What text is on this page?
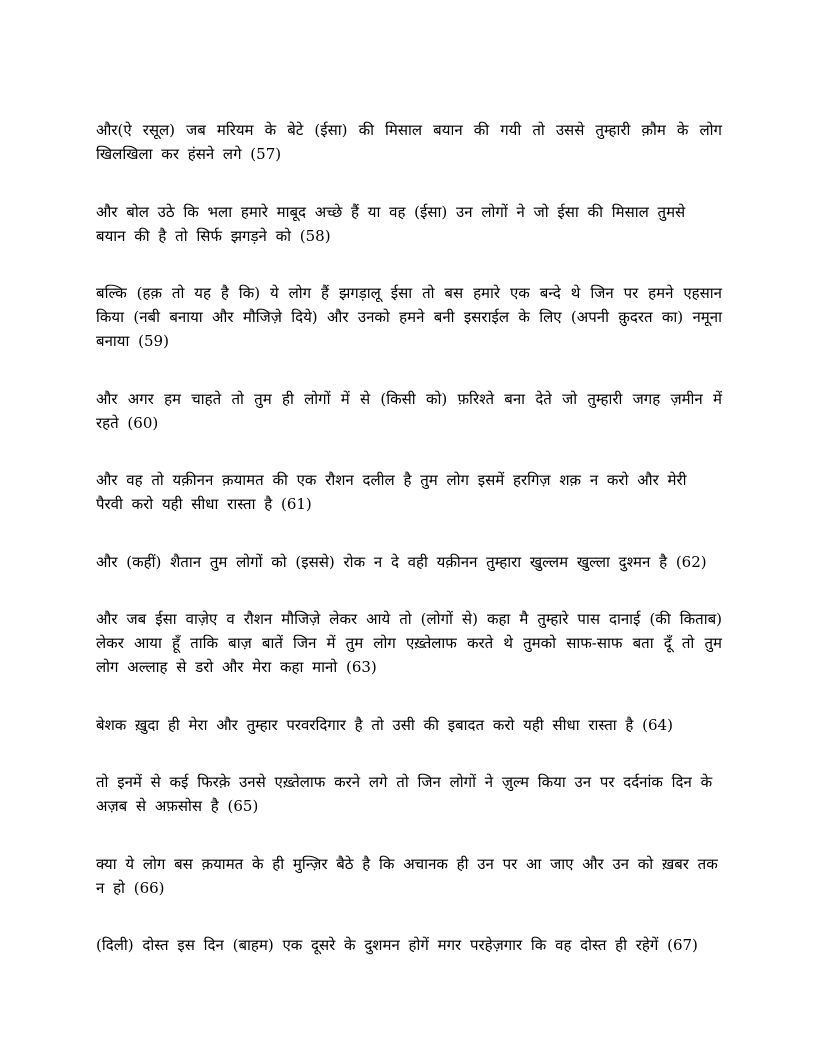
और(ऐ रसूल) जब मरियम के बेटे (ईसा) की मिसाल बयान की गयी तो उससे तुम्हारी क़ौम के लोग खिलखिला कर हंसने लगे (57)

और बोल उठे कि भला हमारे माबूद अच्छे हैं या वह (ईसा) उन लोगों ने जो ईसा की मिसाल तुमसे बयान की है तो सिर्फ झगड़ने को (58)

बल्कि (हक़ तो यह है कि) ये लोग हैं झगड़ालू ईसा तो बस हमारे एक बन्दे थे जिन पर हमने एहसान किया (नबी बनाया और मौजिज़े दिये) और उनको हमने बनी इसराईल के लिए (अपनी क़ुदरत का) नमूना बनाया (59)

और अगर हम चाहते तो तुम ही लोगों में से (किसी को) फ़रिश्ते बना देते जो तुम्हारी जगह ज़मीन में रहते (60)

और वह तो यक़ीनन क़यामत की एक रौशन दलील है तुम लोग इसमें हरगिज़ शक़ न करो और मेरी पैरवी करो यही सीधा रास्ता है (61)

और (कहीं) शैतान तुम लोगों को (इससे) रोक न दे वही यक़ीनन तुम्हारा खुल्लम खुल्ला दुश्मन है (62)

और जब ईसा वाज़ेए व रौशन मौजिज़े लेकर आये तो (लोगों से) कहा मै तुम्हारे पास दानाई (की किताब) लेकर आया हूँ ताकि बाज़ बातें जिन में तुम लोग एख़्तेलाफ करते थे तुमको साफ-साफ बता दूँ तो तुम लोग अल्लाह से डरो और मेरा कहा मानो (63)

बेशक ख़ुदा ही मेरा और तुम्हार परवरदिगार है तो उसी की इबादत करो यही सीधा रास्ता है (64)

तो इनमें से कई फिरक़े उनसे एख़्तेलाफ करने लगे तो जिन लोगों ने ज़ुल्म किया उन पर दर्दनांक दिन के अज़ब से अफ़सोस है (65)

क्या ये लोग बस क़यामत के ही मुन्ज़िर बैठे है कि अचानक ही उन पर आ जाए और उन को ख़बर तक न हो (66)

(दिली) दोस्त इस दिन (बाहम) एक दूसरे के दुशमन होगें मगर परहेज़गार कि वह दोस्त ही रहेगें (67)
